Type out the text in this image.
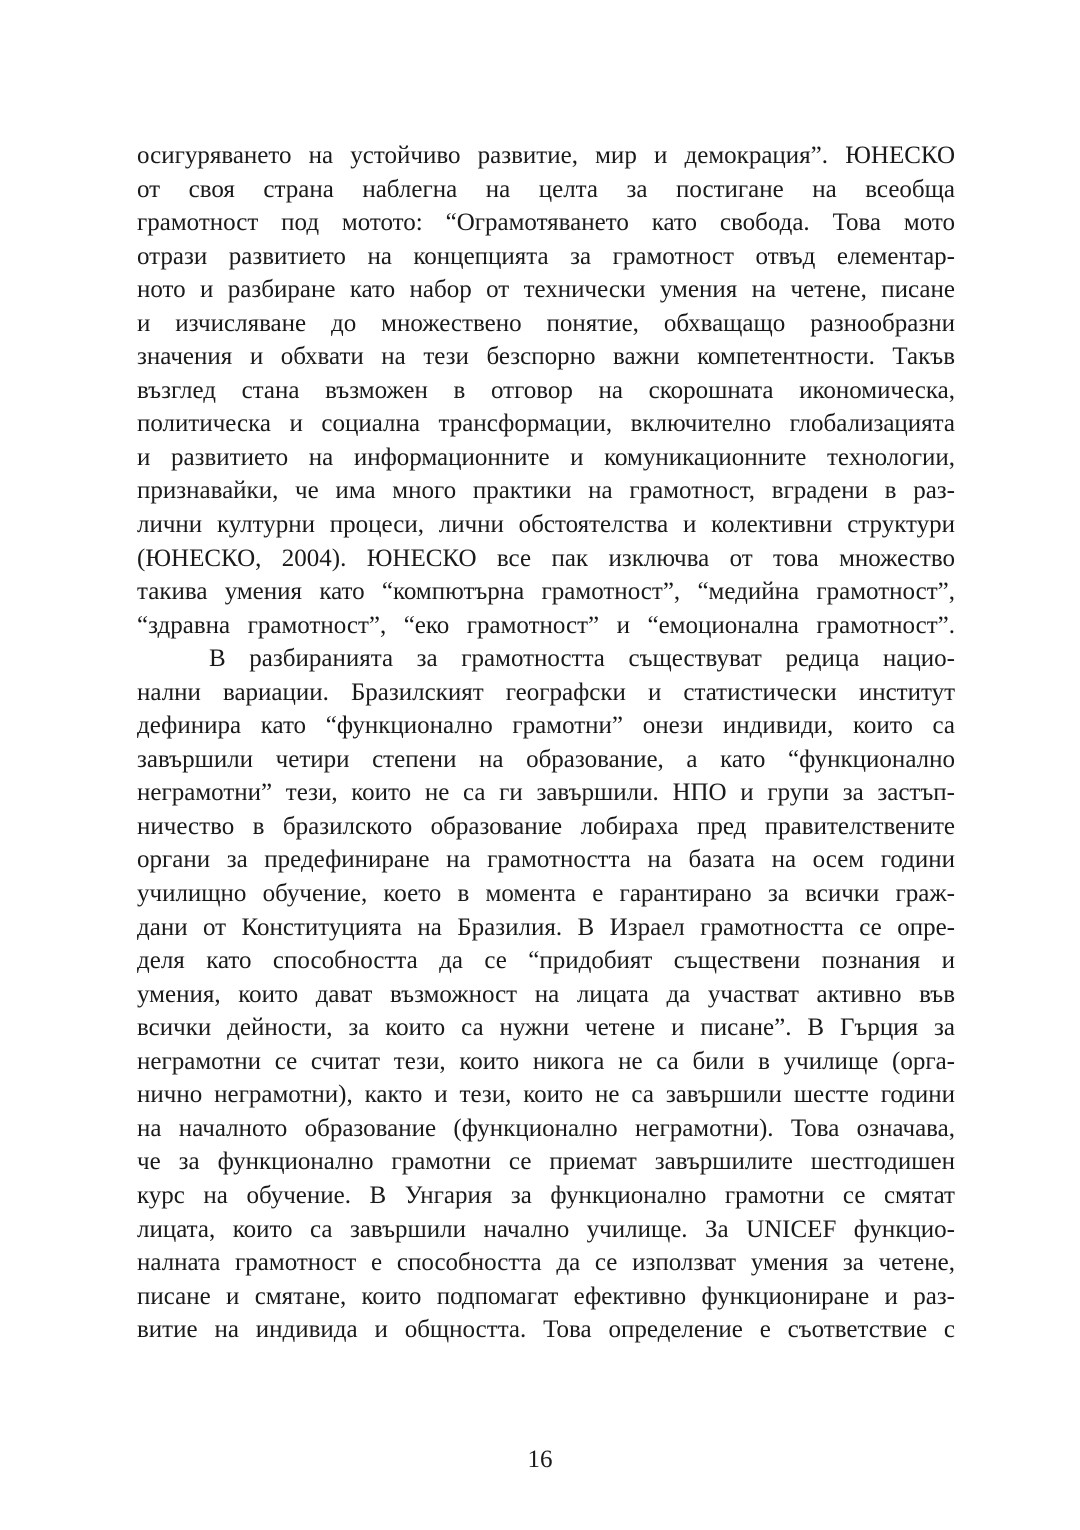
осигуряването на устойчиво развитие, мир и демокрация”. ЮНЕСКО
от своя страна наблегна на целта за постигане на всеобща
грамотност под мотото: “Ограмотяването като свобода. Това мото
отрази развитието на концепцията за грамотност отвъд елементар-
ното и разбиране като набор от технически умения на четене, писане
и изчисляване до множествено понятие, обхващащо разнообразни
значения и обхвати на тези безспорно важни компетентности. Такъв
възглед стана възможен в отговор на скорошната икономическа,
политическа и социална трансформации, включително глобализацията
и развитието на информационните и комуникационните технологии,
признавайки, че има много практики на грамотност, вградени в раз-
лични културни процеси, лични обстоятелства и колективни структури
(ЮНЕСКО, 2004). ЮНЕСКО все пак изключва от това множество
такива умения като “компютърна грамотност”, “медийна грамотност”,
“здравна грамотност”, “еко грамотност” и “емоционална грамотност”.
В разбиранията за грамотността съществуват редица нацио-
нални вариации. Бразилският географски и статистически институт
дефинира като “функционално грамотни” онези индивиди, които са
завършили четири степени на образование, а като “функционално
неграмотни” тези, които не са ги завършили. НПО и групи за застъп-
ничество в бразилското образование лобираха пред правителствените
органи за предефиниране на грамотността на базата на осем години
училищно обучение, което в момента е гарантирано за всички граж-
дани от Конституцията на Бразилия. В Израел грамотността се опре-
деля като способността да се “придобият съществени познания и
умения, които дават възможност на лицата да участват активно във
всички дейности, за които са нужни четене и писане”. В Гърция за
неграмотни се считат тези, които никога не са били в училище (орга-
нично неграмотни), както и тези, които не са завършили шестте години
на началното образование (функционално неграмотни). Това означава,
че за функционално грамотни се приемат завършилите шестгодишен
курс на обучение. В Унгария за функционално грамотни се смятат
лицата, които са завършили начално училище. За UNICEF функцио-
налната грамотност е способността да се използват умения за четене,
писане и смятане, които подпомагат ефективно функциониране и раз-
витие на индивида и общността. Това определение е съответствие с
16
